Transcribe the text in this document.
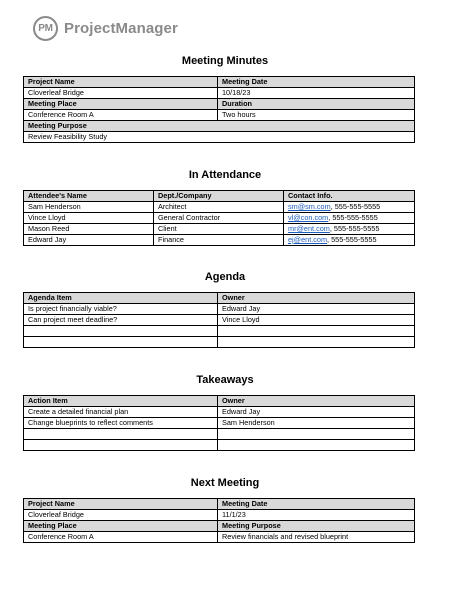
PM ProjectManager
Meeting Minutes
Project Name	Meeting Date
Cloverleaf Bridge	10/18/23
Meeting Place	Duration
Conference Room A	Two hours
Meeting Purpose	
Review Feasibility Study	
In Attendance
Attendee's Name	Dept./Company	Contact Info.
Sam Henderson	Architect	sm@sm.com, 555-555-5555
Vince Lloyd	General Contractor	vl@con.com, 555-555-5555
Mason Reed	Client	mr@ent.com, 555-555-5555
Edward Jay	Finance	ej@ent.com, 555-555-5555
Agenda
Agenda Item	Owner
Is project financially viable?	Edward Jay
Can project meet deadline?	Vince Lloyd

Takeaways
Action Item	Owner
Create a detailed financial plan	Edward Jay
Change blueprints to reflect comments	Sam Henderson

Next Meeting
Project Name	Meeting Date
Cloverleaf Bridge	11/1/23
Meeting Place	Meeting Purpose
Conference Room A	Review financials and revised blueprint
